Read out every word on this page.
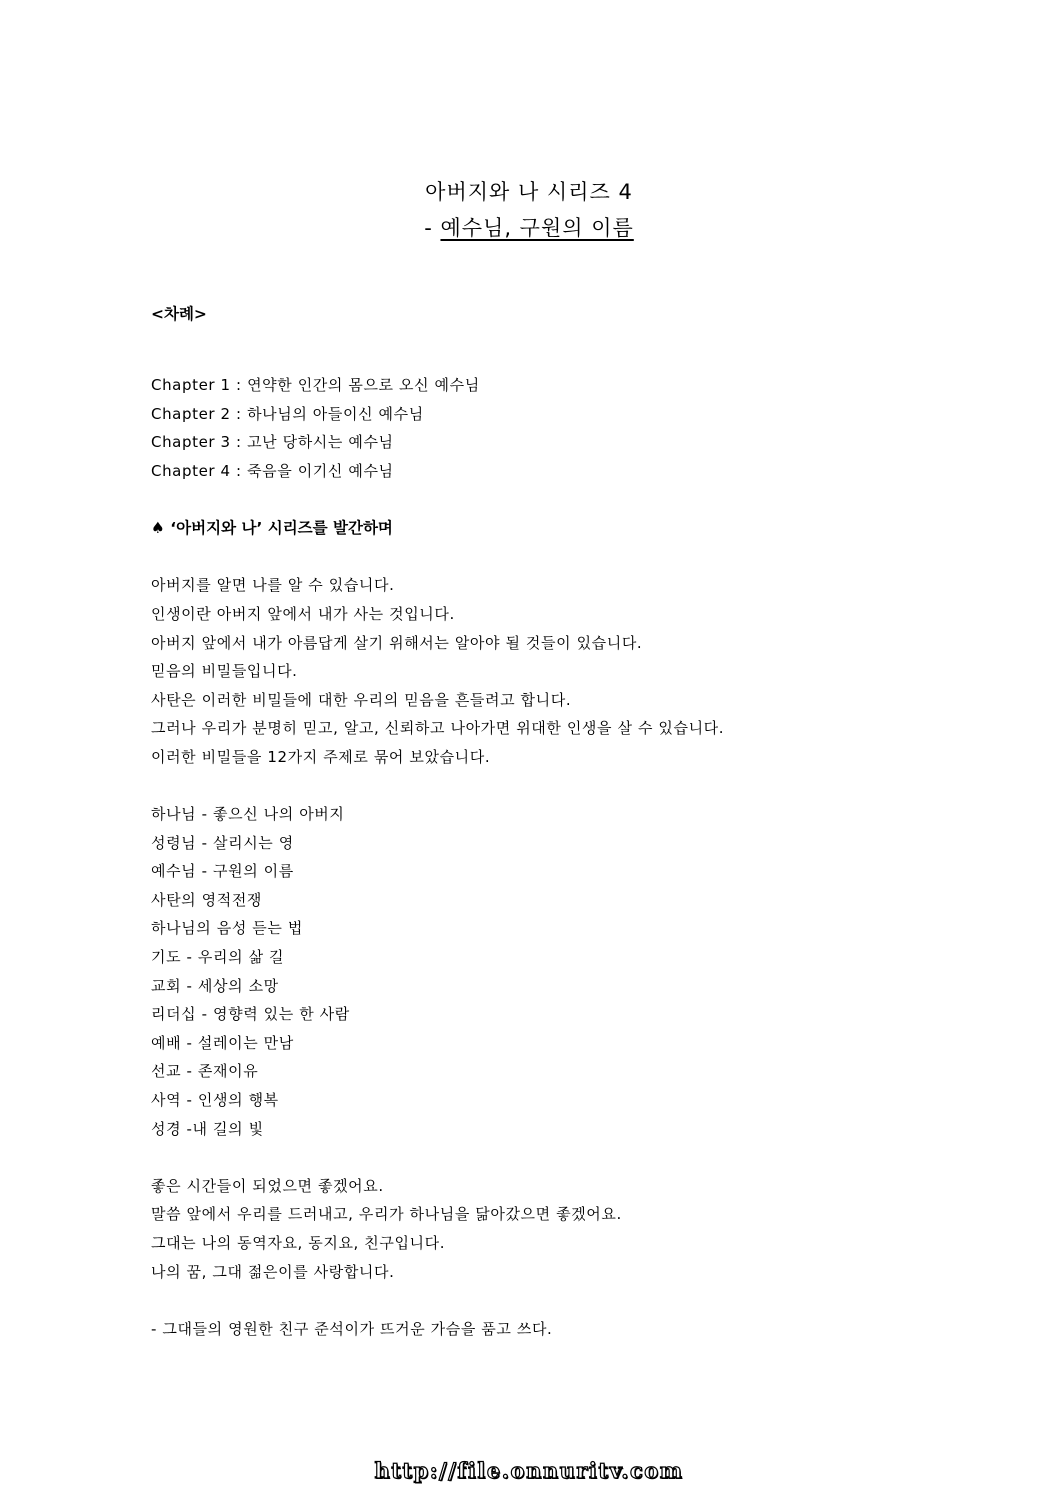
아버지와 나 시리즈 4
- 예수님, 구원의 이름
<차례>
Chapter 1 : 연약한 인간의 몸으로 오신 예수님
Chapter 2 : 하나님의 아들이신 예수님
Chapter 3 : 고난 당하시는 예수님
Chapter 4 : 죽음을 이기신 예수님
♠ ‘아버지와 나’ 시리즈를 발간하며
아버지를 알면 나를 알 수 있습니다.
인생이란 아버지 앞에서 내가 사는 것입니다.
아버지 앞에서 내가 아름답게 살기 위해서는 알아야 될 것들이 있습니다.
믿음의 비밀들입니다.
사탄은 이러한 비밀들에 대한 우리의 믿음을 흔들려고 합니다.
그러나 우리가 분명히 믿고, 알고, 신뢰하고 나아가면 위대한 인생을 살 수 있습니다.
이러한 비밀들을 12가지 주제로 묶어 보았습니다.
하나님 - 좋으신 나의 아버지
성령님 - 살리시는 영
예수님 - 구원의 이름
사탄의 영적전쟁
하나님의 음성 듣는 법
기도 - 우리의 삶 길
교회 - 세상의 소망
리더십 - 영향력 있는 한 사람
예배 - 설레이는 만남
선교 - 존재이유
사역 - 인생의 행복
성경 -내 길의 빛
좋은 시간들이 되었으면 좋겠어요.
말씀 앞에서 우리를 드러내고, 우리가 하나님을 닮아갔으면 좋겠어요.
그대는 나의 동역자요, 동지요, 친구입니다.
나의 꿈, 그대 젊은이를 사랑합니다.
- 그대들의 영원한 친구 준석이가 뜨거운 가슴을 품고 쓰다.
http://file.onnuritv.com
